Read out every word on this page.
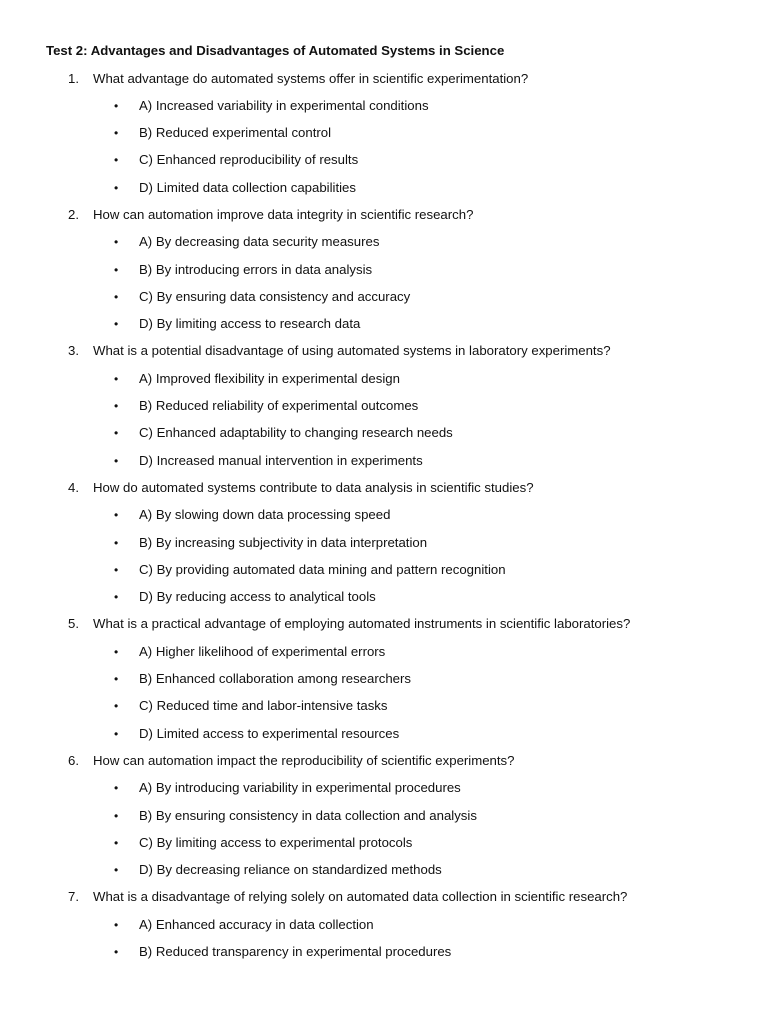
Test 2: Advantages and Disadvantages of Automated Systems in Science
1.	What advantage do automated systems offer in scientific experimentation?
•	A) Increased variability in experimental conditions
•	B) Reduced experimental control
•	C) Enhanced reproducibility of results
•	D) Limited data collection capabilities
2.	How can automation improve data integrity in scientific research?
•	A) By decreasing data security measures
•	B) By introducing errors in data analysis
•	C) By ensuring data consistency and accuracy
•	D) By limiting access to research data
3.	What is a potential disadvantage of using automated systems in laboratory experiments?
•	A) Improved flexibility in experimental design
•	B) Reduced reliability of experimental outcomes
•	C) Enhanced adaptability to changing research needs
•	D) Increased manual intervention in experiments
4.	How do automated systems contribute to data analysis in scientific studies?
•	A) By slowing down data processing speed
•	B) By increasing subjectivity in data interpretation
•	C) By providing automated data mining and pattern recognition
•	D) By reducing access to analytical tools
5.	What is a practical advantage of employing automated instruments in scientific laboratories?
•	A) Higher likelihood of experimental errors
•	B) Enhanced collaboration among researchers
•	C) Reduced time and labor-intensive tasks
•	D) Limited access to experimental resources
6.	How can automation impact the reproducibility of scientific experiments?
•	A) By introducing variability in experimental procedures
•	B) By ensuring consistency in data collection and analysis
•	C) By limiting access to experimental protocols
•	D) By decreasing reliance on standardized methods
7.	What is a disadvantage of relying solely on automated data collection in scientific research?
•	A) Enhanced accuracy in data collection
•	B) Reduced transparency in experimental procedures
